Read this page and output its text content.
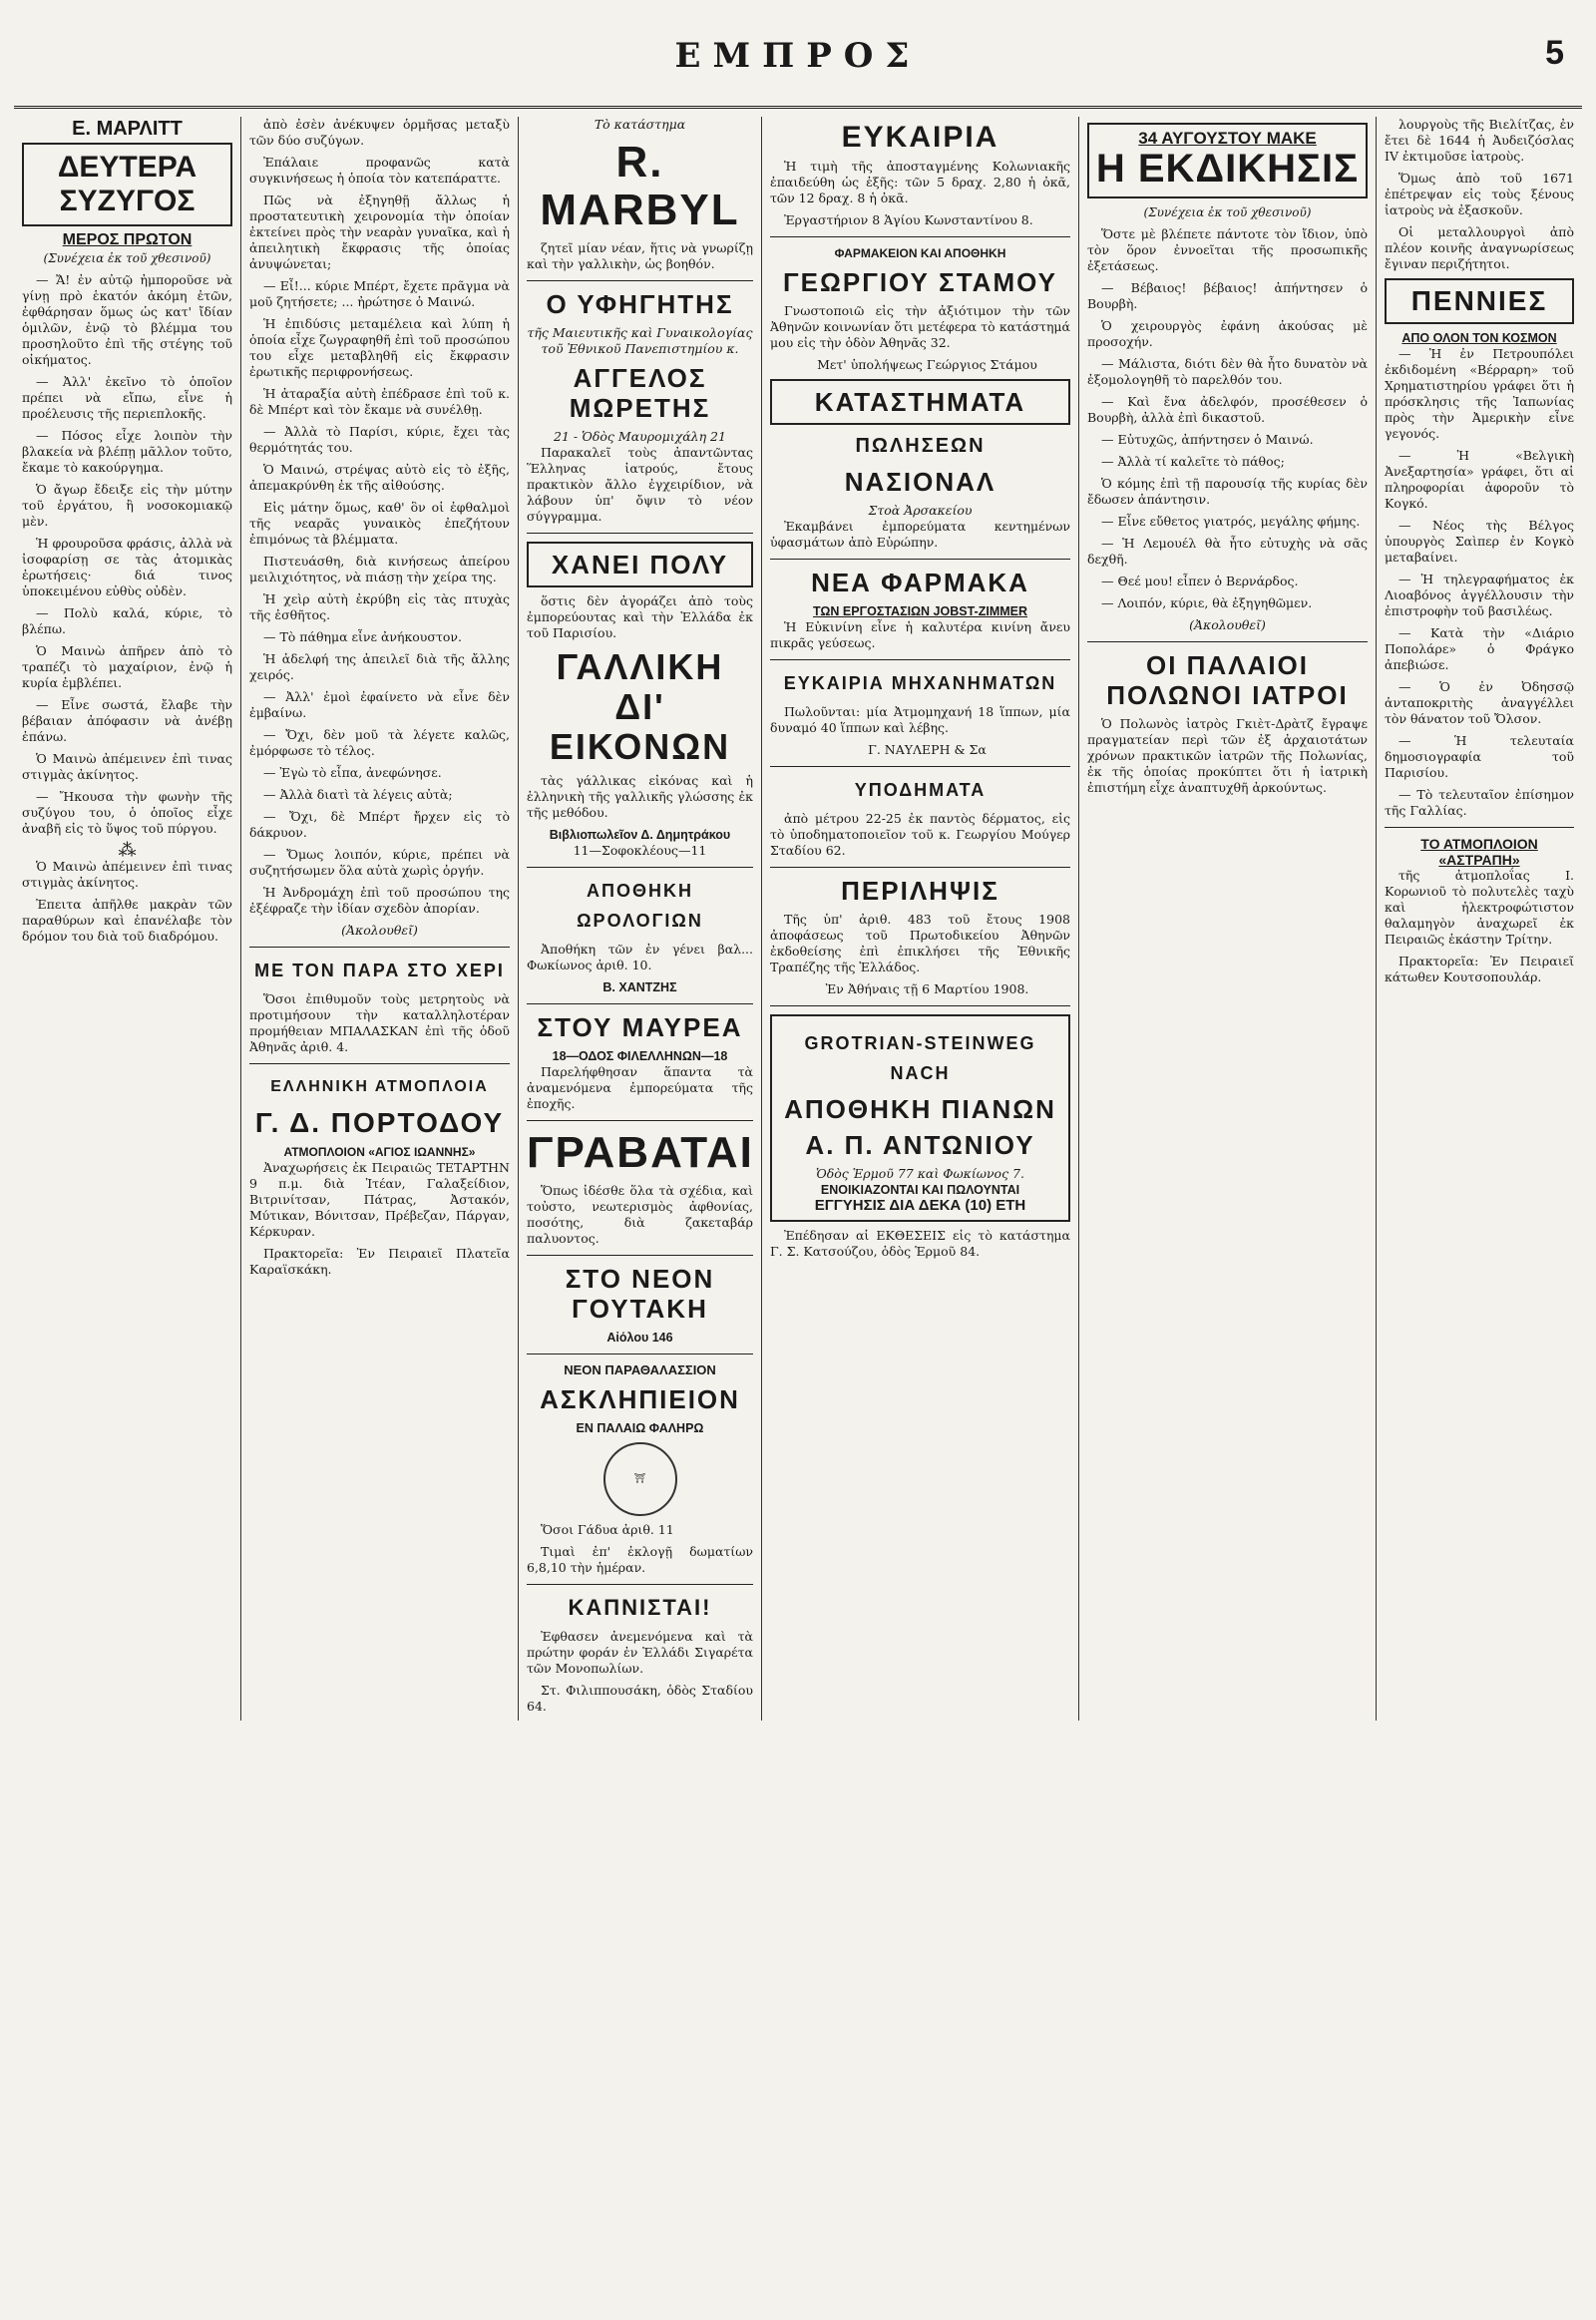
ΕΜΠΡΟΣ	5
Ε. ΜΑΡΛΙΤΤ
ΔΕΥΤΕΡΑ ΣΥΖΥΓΟΣ
ΜΕΡΟΣ ΠΡΩΤΟΝ
(Συνέχεια ἐκ τοῦ χθεσινοῦ)

— Ἄ! ἐν αὐτῷ ἠμποροῦσε νὰ γίνῃ πρὸ ἑκατόν ἀκόμη ἐτῶν, ἐφθάρησαν ὅμως ὡς κατ' ἴδίαν ὁμιλῶν, ἐνῷ τὸ βλέμμα του προσηλοῦτο ἐπὶ τῆς στέγης τοῦ οἰκήματος.

— Ἀλλ' ἐκεῖνο τὸ ὁποῖον πρέπει νὰ εἴπω, εἶνε ἡ προέλευσις τῆς περιεπλοκῆς.

— Πόσος εἶχε λοιπὸν τὴν βλακεία νὰ βλέπῃ μᾶλλον τοῦτο, ἔκαμε τὸ κακούργημα.

Ὁ ἄγωρ ἔδειξε εἰς τὴν μύτην τοῦ ἐργάτου, ἢ νοσοκομιακῷ μὲν.

Ἡ φρουροῦσα φράσις, ἀλλὰ νὰ ἰσοφαρίσῃ σε τὰς ἀτομικὰς ἐρωτήσεις· διά τινος ὑποκειμένου εὐθὺς οὐδὲν.

— Πολὺ καλά, κύριε, τὸ βλέπω.

Ὁ Μαινὼ ἀπῆρεν ἀπὸ τὸ τραπέζι τὸ μαχαίριον, ἐνῷ ἡ κυρία ἐμβλέπει.

— Εἶνε σωστά, ἔλαβε τὴν βέβαιαν ἀπόφασιν νὰ ἀνέβῃ ἐπάνω.

Ὁ Μαινὼ ἀπέμεινεν ἐπὶ τινας στιγμὰς ἀκίνητος.

— Ἤκουσα τὴν φωνὴν τῆς συζύγου του, ὁ ὁποῖος εἶχε ἀναβῆ εἰς τὸ ὕψος τοῦ πύργου.

⁂

Ὁ Μαινὼ ἀπέμεινεν ἐπὶ τινας στιγμὰς ἀκίνητος.

Ἐπειτα ἀπῆλθε μακρὰν τῶν παραθύρων καὶ ἐπανέλαβε τὸν δρόμον του διὰ τοῦ διαδρόμου.

ἀπὸ ἐσὲν ἀνέκυψεν ὁρμῆσας μεταξὺ τῶν δύο συζύγων.

Ἐπάλαιε προφανῶς κατὰ συγκινήσεως ἡ ὁποία τὸν κατεπάραττε.

Πῶς νὰ ἐξηγηθῇ ἄλλως ἡ προστατευτικὴ χειρονομία τὴν ὁποίαν ἐκτείνει πρὸς τὴν νεαρὰν γυναῖκα, καὶ ἡ ἀπειλητικὴ ἔκφρασις τῆς ὁποίας ἀνυψώνεται;

— Εἶ!... κύριε Μπέρτ, ἔχετε πρᾶγμα νὰ μοῦ ζητήσετε; ... ἠρώτησε ὁ Μαινώ.

Ἡ ἐπιδύσις μεταμέλεια καὶ λύπη ἡ ὁποία εἶχε ζωγραφηθῆ ἐπὶ τοῦ προσώπου του εἶχε μεταβληθῆ εἰς ἔκφρασιν ἐρωτικῆς περιφρονήσεως.

Ἡ ἀταραξία αὐτὴ ἐπέδρασε ἐπὶ τοῦ κ. δὲ Μπέρτ καὶ τὸν ἔκαμε νὰ συνέλθῃ.

— Ἀλλὰ τὸ Παρίσι, κύριε, ἔχει τὰς θερμότητάς του.

Ὁ Μαινώ, στρέψας αὐτὸ εἰς τὸ ἐξῆς, ἀπεμακρύνθη ἐκ τῆς αἰθούσης.

Εἰς μάτην ὅμως, καθ' ὃν οἱ ἐφθαλμοὶ τῆς νεαρᾶς γυναικὸς ἐπεζήτουν ἐπιμόνως τὰ βλέμματα.

Πιστευάσθη, διὰ κινήσεως ἀπείρου μειλιχιότητος, νὰ πιάσῃ τὴν χείρα της.

Ἡ χεὶρ αὐτὴ ἐκρύβη εἰς τὰς πτυχὰς τῆς ἐσθῆτος.

— Τὸ πάθημα εἶνε ἀνήκουστον.

Ἡ ἀδελφή της ἀπειλεῖ διὰ τῆς ἄλλης χειρός.

— Ἀλλ' ἐμοὶ ἐφαίνετο νὰ εἶνε δὲν ἐμβαίνω.

— Ὄχι, δὲν μοῦ τὰ λέγετε καλῶς, ἐμόρφωσε τὸ τέλος.

— Ἐγὼ τὸ εἶπα, ἀνεφώνησε.

— Ἀλλὰ διατὶ τὰ λέγεις αὐτὰ;

— Ὄχι, δὲ Μπέρτ ἤρχεν εἰς τὸ δάκρυον.

— Ὄμως λοιπόν, κύριε, πρέπει νὰ συζητήσωμεν ὅλα αὐτὰ χωρὶς ὀργήν.

Ἡ Ἀνδρομάχη ἐπὶ τοῦ προσώπου της ἐξέφραζε τὴν ἰδίαν σχεδὸν ἀπορίαν.

(Ἀκολουθεῖ)
ΜΕ ΤΟΝ ΠΑΡΑ ΣΤΟ ΧΕΡΙ

Ὅσοι ἐπιθυμοῦν τοὺς μετρητοὺς νὰ προτιμήσουν τὴν καταλληλοτέραν προμήθειαν ΜΠΑΛΑΣΚΑΝ ἐπὶ τῆς ὁδοῦ Ἀθηνᾶς ἀριθ. 4.

ΕΛΛΗΝΙΚΗ ΑΤΜΟΠΛΟΙΑ
Γ. Δ. ΠΟΡΤΟΔΟΥ
ΑΤΜΟΠΛΟΙΟΝ «ΑΓΙΟΣ ΙΩΑΝΝΗΣ»

Ἀναχωρήσεις ἐκ Πειραιῶς ΤΕΤΑΡΤΗΝ 9 π.μ. διὰ Ἰτέαν, Γαλαξείδιον, Βιτρινίτσαν, Πάτρας, Ἀστακόν, Μύτικαν, Βόνιτσαν, Πρέβεζαν, Πάργαν, Κέρκυραν.

Πρακτορεῖα: Ἐν Πειραιεῖ Πλατεῖα Καραϊσκάκη.

Τὸ κατάστημα
R. MARBYL

ζητεῖ μίαν νέαν, ἥτις νὰ γνωρίζῃ καὶ τὴν γαλλικὴν, ὡς βοηθόν.

Ο ΥΦΗΓΗΤΗΣ
τῆς Μαιευτικῆς καὶ Γυναικολογίας τοῦ Ἐθνικοῦ Πανεπιστημίου κ.
ΑΓΓΕΛΟΣ ΜΩΡΕΤΗΣ
21 - Ὁδὸς Μαυρομιχάλη 21

Παρακαλεῖ τοὺς ἀπαντῶντας Ἕλληνας ἰατρούς, ἔτους πρακτικὸν ἄλλο ἐγχειρίδιον, νὰ λάβουν ὑπ' ὄψιν τὸ νέον σύγγραμμα.

ΧΑΝΕΙ ΠΟΛΥ

ὅστις δὲν ἀγοράζει ἀπὸ τοὺς ἐμπορεύουτας καὶ τὴν Ἑλλάδα ἐκ τοῦ Παρισίου.

ΓΑΛΛΙΚΗ ΔΙ' ΕΙΚΟΝΩΝ

τὰς γάλλικας εἰκόνας καὶ ἡ ἑλληνικὴ τῆς γαλλικῆς γλώσσης ἐκ τῆς μεθόδου.

Βιβλιοπωλεῖον Δ. Δημητράκου
11—Σοφοκλέους—11
ΑΠΟΘΗΚΗ ΩΡΟΛΟΓΙΩΝ

Ἀποθήκη τῶν ἐν γένει βαλ... Φωκίωνος ἀριθ. 10.

Β. ΧΑΝΤΖΗΣ
ΣΤΟΥ ΜΑΥΡΕΑ
18—ΟΔΟΣ ΦΙΛΕΛΛΗΝΩΝ—18

Παρελήφθησαν ἅπαντα τὰ ἀναμενόμενα ἐμπορεύματα τῆς ἐποχῆς.

ΓΡΑΒΑΤΑΙ

Ὅπως ἰδέσθε ὅλα τὰ σχέδια, καὶ τοὐστο, νεωτερισμὸς ἀφθονίας, ποσότης, διὰ ζακεταβάρ παλυοντος.

ΣΤΟ ΝΕΟΝ ΓΟΥΤΑΚΗ
Αἰόλου 146
ΝΕΟΝ ΠΑΡΑΘΑΛΑΣΣΙΟΝ
ΑΣΚΛΗΠΙΕΙΟΝ
ΕΝ ΠΑΛΑΙΩ ΦΑΛΗΡΩ
⛩

Ὅσοι Γάδυα ἀριθ. 11

Τιμαὶ ἐπ' ἐκλογῇ δωματίων 6,8,10 τὴν ἡμέραν.

ΚΑΠΝΙΣΤΑΙ!

Ἐφθασεν ἀνεμενόμενα καὶ τὰ πρώτην φοράν ἐν Ἑλλάδι Σιγαρέτα τῶν Μονοπωλίων.

Στ. Φιλιππουσάκη, ὁδὸς Σταδίου 64.

ΕΥΚΑΙΡΙΑ

Ἡ τιμὴ τῆς ἀποσταγμένης Κολωνιακῆς ἐπαιδεύθη ὡς ἑξῆς: τῶν 5 δραχ. 2,80 ἡ ὀκᾶ, τῶν 12 δραχ. 8 ἡ ὀκᾶ.

Ἐργαστήριον 8 Ἁγίου Κωνσταντίνου 8.

ΦΑΡΜΑΚΕΙΟΝ ΚΑΙ ΑΠΟΘΗΚΗ
ΓΕΩΡΓΙΟΥ ΣΤΑΜΟΥ

Γνωστοποιῶ εἰς τὴν ἀξιότιμον τὴν τῶν Ἀθηνῶν κοινωνίαν ὅτι μετέφερα τὸ κατάστημά μου εἰς τὴν ὁδὸν Ἀθηνᾶς 32.

Μετ' ὑπολήψεως Γεώργιος Στάμου

ΚΑΤΑΣΤΗΜΑΤΑ
ΠΩΛΗΣΕΩΝ
ΝΑΣΙΟΝΑΛ
Στοὰ Ἀρσακείου

Ἐκαμβάνει ἐμπορεύματα κεντημένων ὑφασμάτων ἀπὸ Εὐρώπην.

ΝΕΑ ΦΑΡΜΑΚΑ
ΤΩΝ ΕΡΓΟΣΤΑΣΙΩΝ JOBST-ZIMMER

Ἡ Εὐκινίνη εἶνε ἡ καλυτέρα κινίνη ἄνευ πικρᾶς γεύσεως.

ΕΥΚΑΙΡΙΑ ΜΗΧΑΝΗΜΑΤΩΝ

Πωλοῦνται: μία Ἀτμομηχανή 18 ἵππων, μία δυναμό 40 ἵππων καὶ λέβης.

Γ. ΝΑΥΛΕΡΗ & Σα

ΥΠΟΔΗΜΑΤΑ

ἀπὸ μέτρου 22-25 ἐκ παντὸς δέρματος, εἰς τὸ ὑποδηματοποιεῖον τοῦ κ. Γεωργίου Μούγερ Σταδίου 62.

ΠΕΡΙΛΗΨΙΣ

Τῆς ὑπ' ἀριθ. 483 τοῦ ἔτους 1908 ἀποφάσεως τοῦ Πρωτοδικείου Ἀθηνῶν ἐκδοθείσης ἐπὶ ἐπικλήσει τῆς Ἐθνικῆς Τραπέζης τῆς Ἑλλάδος.

Ἐν Ἀθήναις τῇ 6 Μαρτίου 1908.

GROTRIAN-STEINWEG NACH
ΑΠΟΘΗΚΗ ΠΙΑΝΩΝ
Α. Π. ΑΝΤΩΝΙΟΥ
Ὁδὸς Ἑρμοῦ 77 καὶ Φωκίωνος 7.
ΕΝΟΙΚΙΑΖΟΝΤΑΙ ΚΑΙ ΠΩΛΟΥΝΤΑΙ
ΕΓΓΥΗΣΙΣ ΔΙΑ ΔΕΚΑ (10) ΕΤΗ

Ἐπέδησαν αἱ ΕΚΘΕΣΕΙΣ εἰς τὸ κατάστημα Γ. Σ. Κατσούζου, ὁδὸς Ἑρμοῦ 84.

34 ΑΥΓΟΥΣΤΟΥ ΜΑΚΕ
Η ΕΚΔΙΚΗΣΙΣ
(Συνέχεια ἐκ τοῦ χθεσινοῦ)

Ὅστε μὲ βλέπετε πάντοτε τὸν ἴδιον, ὑπὸ τὸν ὅρον ἐννοεῖται τῆς προσωπικῆς ἐξετάσεως.

— Βέβαιος! βέβαιος! ἀπήντησεν ὁ Βουρβὴ.

Ὁ χειρουργὸς ἐφάνη ἀκούσας μὲ προσοχήν.

— Μάλιστα, διότι δὲν θὰ ἦτο δυνατὸν νὰ ἐξομολογηθῆ τὸ παρελθόν του.

— Καὶ ἔνα ἀδελφόν, προσέθεσεν ὁ Βουρβὴ, ἀλλὰ ἐπὶ δικαστοῦ.

— Εὐτυχῶς, ἀπήντησεν ὁ Μαινώ.

— Ἀλλὰ τί καλεῖτε τὸ πάθος;

Ὁ κόμης ἐπὶ τῇ παρουσίᾳ τῆς κυρίας δὲν ἔδωσεν ἀπάντησιν.

— Εἶνε εὔθετος γιατρός, μεγάλης φήμης.

— Ἡ Λεμουέλ θὰ ἦτο εὐτυχὴς νὰ σᾶς δεχθῆ.

— Θεέ μου! εἶπεν ὁ Βερνάρδος.

— Λοιπόν, κύριε, θὰ ἐξηγηθῶμεν.

(Ἀκολουθεῖ)
ΟΙ ΠΑΛΑΙΟΙ ΠΟΛΩΝΟΙ ΙΑΤΡΟΙ

Ὁ Πολωνὸς ἰατρὸς Γκιὲτ-Δρὰτζ ἔγραψε πραγματείαν περὶ τῶν ἐξ ἀρχαιοτάτων χρόνων πρακτικῶν ἰατρῶν τῆς Πολωνίας, ἐκ τῆς ὁποίας προκύπτει ὅτι ἡ ἰατρικὴ ἐπιστήμη εἶχε ἀναπτυχθῆ ἀρκούντως.

λουργοὺς τῆς Βιελίτζας, ἐν ἔτει δὲ 1644 ἡ Ἀυδειζόσλας IV ἐκτιμοῦσε ἰατροὺς.

Ὅμως ἀπὸ τοῦ 1671 ἐπέτρεψαν εἰς τοὺς ξένους ἰατροὺς νὰ ἐξασκοῦν.

Οἱ μεταλλουργοὶ ἀπὸ πλέον κοινῆς ἀναγνωρίσεως ἔγιναν περιζήτητοι.

ΠΕΝΝΙΕΣ
ΑΠΟ ΟΛΟΝ ΤΟΝ ΚΟΣΜΟΝ

— Ἡ ἐν Πετρουπόλει ἐκδιδομένη «Βέρραρη» τοῦ Χρηματιστηρίου γράφει ὅτι ἡ πρόσκλησις τῆς Ἰαπωνίας πρὸς τὴν Ἀμερικὴν εἶνε γεγονός.

— Ἡ «Βελγικὴ Ἀνεξαρτησία» γράφει, ὅτι αἱ πληροφορίαι ἀφοροῦν τὸ Κογκό.

— Νέος τὴς Βέλγος ὑπουργὸς Σαὶπερ ἐν Κογκὸ μεταβαίνει.

— Ἡ τηλεγραφήματος ἐκ Λιοαβόνος ἀγγέλλουσιν τὴν ἐπιστροφὴν τοῦ βασιλέως.

— Κατὰ τὴν «Διάριο Ποπολάρε» ὁ Φράγκο ἀπεβιώσε.

— Ὁ ἐν Ὀδησσῷ ἀνταποκριτὴς ἀναγγέλλει τὸν θάνατον τοῦ Ὄλσον.

— Ἡ τελευταία δημοσιογραφία τοῦ Παρισίου.

— Τὸ τελευταῖον ἐπίσημον τῆς Γαλλίας.

ΤΟ ΑΤΜΟΠΛΟΙΟΝ «ΑΣΤΡΑΠΗ»

τῆς ἀτμοπλοΐας Ι. Κορωνιοῦ τὸ πολυτελὲς ταχὺ καὶ ἠλεκτροφώτιστον θαλαμηγὸν ἀναχωρεῖ ἐκ Πειραιῶς ἑκάστην Τρίτην.

Πρακτορεῖα: Ἐν Πειραιεῖ κάτωθεν Κουτσοπουλάρ.
